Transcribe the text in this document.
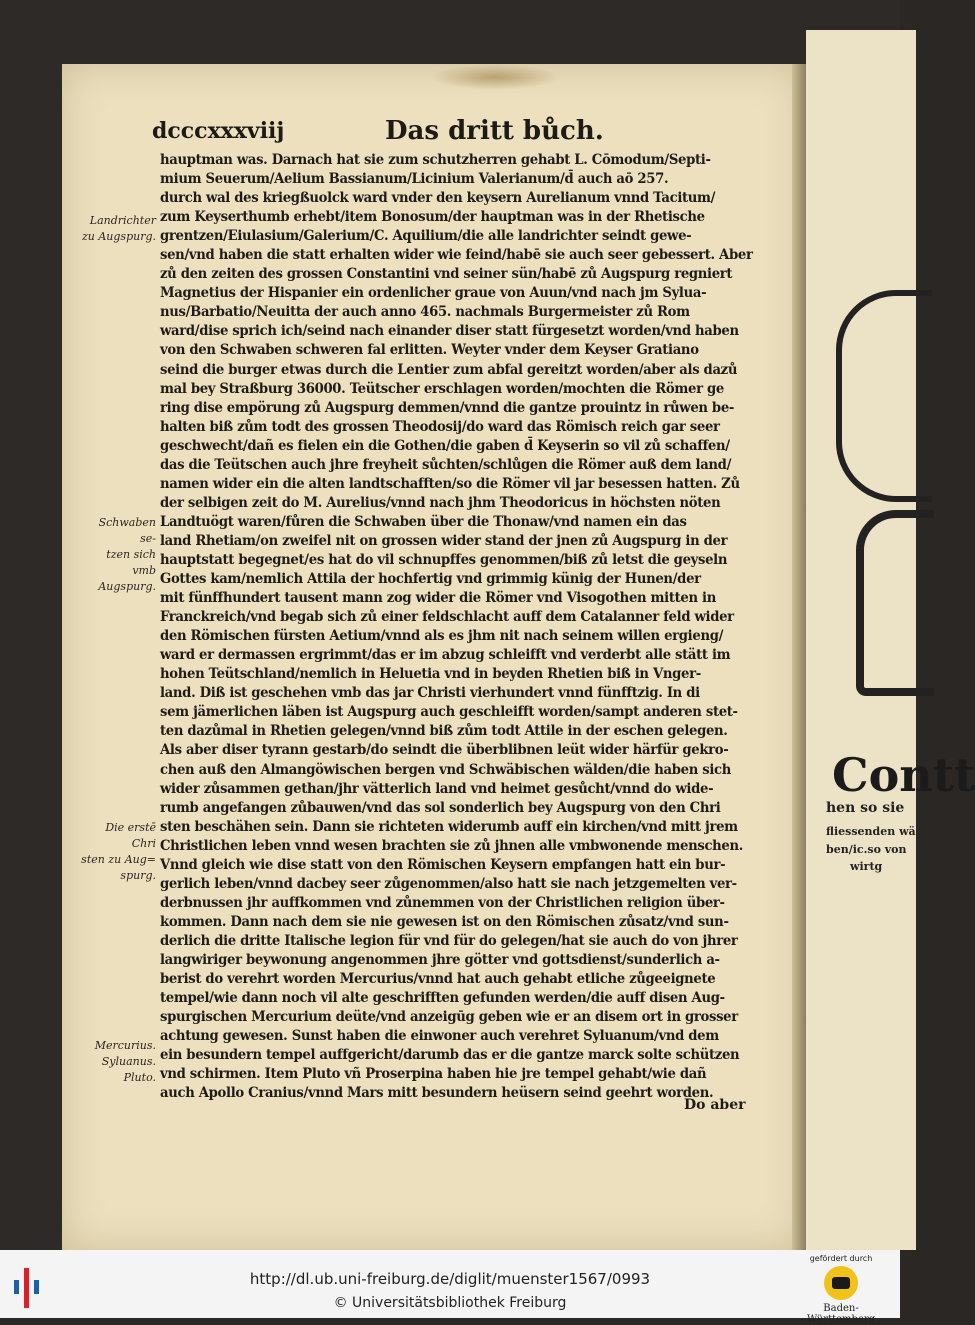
Contt
hen so sie
fliessenden wä
ben/ic.so von
wirtg
dcccxxxviij	Das dritt bůch.
hauptman was. Darnach hat sie zum schutzherren gehabt L. Cōmodum/Septi-
mium Seuerum/Aelium Bassianum/Licinium Valerianum/d̄ auch aō 257.
durch wal des kriegßuolck ward vnder den keysern Aurelianum vnnd Tacitum/
zum Keyserthumb erhebt/item Bonosum/der hauptman was in der Rhetische
grentzen/Eiulasium/Galerium/C. Aquilium/die alle landrichter seindt gewe-
sen/vnd haben die statt erhalten wider wie feind/habē sie auch seer gebessert. Aber
zů den zeiten des grossen Constantini vnd seiner sün/habē zů Augspurg regniert
Magnetius der Hispanier ein ordenlicher graue von Auun/vnd nach jm Sylua-
nus/Barbatio/Neuitta der auch anno 465. nachmals Burgermeister zů Rom
ward/dise sprich ich/seind nach einander diser statt fürgesetzt worden/vnd haben
von den Schwaben schweren fal erlitten. Weyter vnder dem Keyser Gratiano
seind die burger etwas durch die Lentier zum abfal gereitzt worden/aber als dazů
mal bey Straßburg 36000. Teütscher erschlagen worden/mochten die Römer ge
ring dise empörung zů Augspurg demmen/vnnd die gantze prouintz in růwen be-
halten biß zům todt des grossen Theodosij/do ward das Römisch reich gar seer
geschwecht/dañ es fielen ein die Gothen/die gaben d̄ Keyserin so vil zů schaffen/
das die Teütschen auch jhre freyheit sůchten/schlůgen die Römer auß dem land/
namen wider ein die alten landtschafften/so die Römer vil jar besessen hatten. Zů
der selbigen zeit do M. Aurelius/vnnd nach jhm Theodoricus in höchsten nöten
Landtuögt waren/fůren die Schwaben über die Thonaw/vnd namen ein das
land Rhetiam/on zweifel nit on grossen wider stand der jnen zů Augspurg in der
hauptstatt begegnet/es hat do vil schnupffes genommen/biß zů letst die geyseln
Gottes kam/nemlich Attila der hochfertig vnd grimmig künig der Hunen/der
mit fünffhundert tausent mann zog wider die Römer vnd Visogothen mitten in
Franckreich/vnd begab sich zů einer feldschlacht auff dem Catalanner feld wider
den Römischen fürsten Aetium/vnnd als es jhm nit nach seinem willen ergieng/
ward er dermassen ergrimmt/das er im abzug schleifft vnd verderbt alle stätt im
hohen Teütschland/nemlich in Heluetia vnd in beyden Rhetien biß in Vnger-
land. Diß ist geschehen vmb das jar Christi vierhundert vnnd fünfftzig. In di
sem jämerlichen läben ist Augspurg auch geschleifft worden/sampt anderen stet-
ten dazůmal in Rhetien gelegen/vnnd biß zům todt Attile in der eschen gelegen.
Als aber diser tyrann gestarb/do seindt die überblibnen leüt wider härfür gekro-
chen auß den Almangöwischen bergen vnd Schwäbischen wälden/die haben sich
wider zůsammen gethan/jhr vätterlich land vnd heimet gesůcht/vnnd do wide-
rumb angefangen zůbauwen/vnd das sol sonderlich bey Augspurg von den Chri
sten beschähen sein. Dann sie richteten widerumb auff ein kirchen/vnd mitt jrem
Christlichen leben vnnd wesen brachten sie zů jhnen alle vmbwonende menschen.
Vnnd gleich wie dise statt von den Römischen Keysern empfangen hatt ein bur-
gerlich leben/vnnd dacbey seer zůgenommen/also hatt sie nach jetzgemelten ver-
derbnussen jhr auffkommen vnd zůnemmen von der Christlichen religion über-
kommen. Dann nach dem sie nie gewesen ist on den Römischen zůsatz/vnd sun-
derlich die dritte Italische legion für vnd für do gelegen/hat sie auch do von jhrer
langwiriger beywonung angenommen jhre götter vnd gottsdienst/sunderlich a-
berist do verehrt worden Mercurius/vnnd hat auch gehabt etliche zůgeeignete
tempel/wie dann noch vil alte geschrifften gefunden werden/die auff disen Aug-
spurgischen Mercurium deüte/vnd anzeigūg geben wie er an disem ort in grosser
achtung gewesen. Sunst haben die einwoner auch verehret Syluanum/vnd dem
ein besundern tempel auffgericht/darumb das er die gantze marck solte schützen
vnd schirmen. Item Pluto vñ Proserpina haben hie jre tempel gehabt/wie dañ
auch Apollo Cranius/vnnd Mars mitt besundern heüsern seind geehrt worden.
Landrichter
zu Augspurg.
Schwaben se-
tzen sich vmb
Augspurg.
Die erstē Chri
sten zu Aug=
spurg.
Mercurius.
Syluanus.
Pluto.
Do aber
http://dl.ub.uni-freiburg.de/diglit/muenster1567/0993
© Universitätsbibliothek Freiburg
gefördert durch
Baden-Württemberg
